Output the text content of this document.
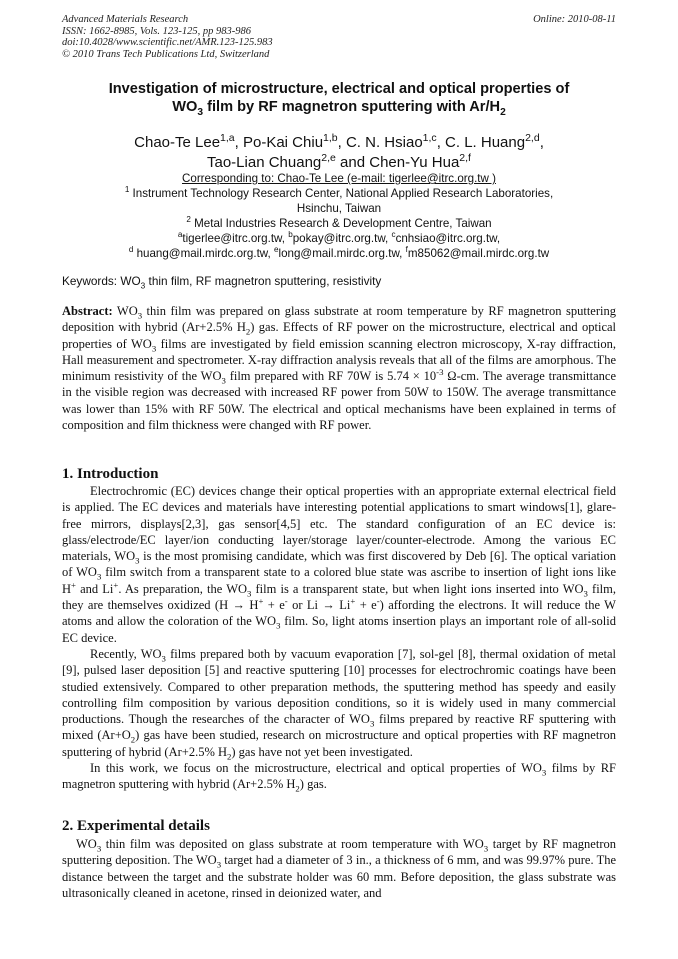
Advanced Materials Research
ISSN: 1662-8985, Vols. 123-125, pp 983-986
doi:10.4028/www.scientific.net/AMR.123-125.983
© 2010 Trans Tech Publications Ltd, Switzerland
Online: 2010-08-11
Investigation of microstructure, electrical and optical properties of
$WO_3$ film by RF magnetron sputtering with $Ar/H_2$
Chao-Te Lee$^{1,a}$, Po-Kai Chiu$^{1,b}$, C. N. Hsiao$^{1,c}$, C. L. Huang$^{2,d}$,
Tao-Lian Chuang$^{2,e}$ and Chen-Yu Hua$^{2,f}$
Corresponding to: Chao-Te Lee (e-mail: tigerlee@itrc.org.tw )
$^1$ Instrument Technology Research Center, National Applied Research Laboratories,
Hsinchu, Taiwan
$^2$ Metal Industries Research & Development Centre, Taiwan
$^a$tigerlee@itrc.org.tw, $^b$pokay@itrc.org.tw, $^c$cnhsiao@itrc.org.tw,
$^d$ huang@mail.mirdc.org.tw, $^e$long@mail.mirdc.org.tw, $^f$m85062@mail.mirdc.org.tw
Keywords: $WO_3$ thin film, RF magnetron sputtering, resistivity
Abstract: $WO_3$ thin film was prepared on glass substrate at room temperature by RF magnetron sputtering deposition with hybrid (Ar+2.5% $H_2$) gas. Effects of RF power on the microstructure, electrical and optical properties of $WO_3$ films are investigated by field emission scanning electron microscopy, X-ray diffraction, Hall measurement and spectrometer. X-ray diffraction analysis reveals that all of the films are amorphous. The minimum resistivity of the $WO_3$ film prepared with RF 70W is $5.74 \times 10^{-3}$ Ω-cm. The average transmittance in the visible region was decreased with increased RF power from 50W to 150W. The average transmittance was lower than 15% with RF 50W. The electrical and optical mechanisms have been explained in terms of composition and film thickness were changed with RF power.
1. Introduction
Electrochromic (EC) devices change their optical properties with an appropriate external electrical field is applied. The EC devices and materials have interesting potential applications to smart windows[1], glare-free mirrors, displays[2,3], gas sensor[4,5] etc. The standard configuration of an EC device is: glass/electrode/EC layer/ion conducting layer/storage layer/counter-electrode. Among the various EC materials, $WO_3$ is the most promising candidate, which was first discovered by Deb [6]. The optical variation of $WO_3$ film switch from a transparent state to a colored blue state was ascribe to insertion of light ions like H+ and Li+. As preparation, the $WO_3$ film is a transparent state, but when light ions inserted into $WO_3$ film, they are themselves oxidized (H → H+ + e- or Li → Li+ + e-) affording the electrons. It will reduce the W atoms and allow the coloration of the $WO_3$ film. So, light atoms insertion plays an important role of all-solid EC device.
Recently, $WO_3$ films prepared both by vacuum evaporation [7], sol-gel [8], thermal oxidation of metal [9], pulsed laser deposition [5] and reactive sputtering [10] processes for electrochromic coatings have been studied extensively. Compared to other preparation methods, the sputtering method has speedy and easily controlling film composition by various deposition conditions, so it is widely used in many commercial productions. Though the researches of the character of $WO_3$ films prepared by reactive RF sputtering with mixed $(Ar+O_2)$ gas have been studied, research on microstructure and optical properties with RF magnetron sputtering of hybrid (Ar+2.5% $H_2$) gas have not yet been investigated.
In this work, we focus on the microstructure, electrical and optical properties of $WO_3$ films by RF magnetron sputtering with hybrid (Ar+2.5% $H_2$) gas.
2. Experimental details
$WO_3$ thin film was deposited on glass substrate at room temperature with $WO_3$ target by RF magnetron sputtering deposition. The $WO_3$ target had a diameter of 3 in., a thickness of 6 mm, and was 99.97% pure. The distance between the target and the substrate holder was 60 mm. Before deposition, the glass substrate was ultrasonically cleaned in acetone, rinsed in deionized water, and
